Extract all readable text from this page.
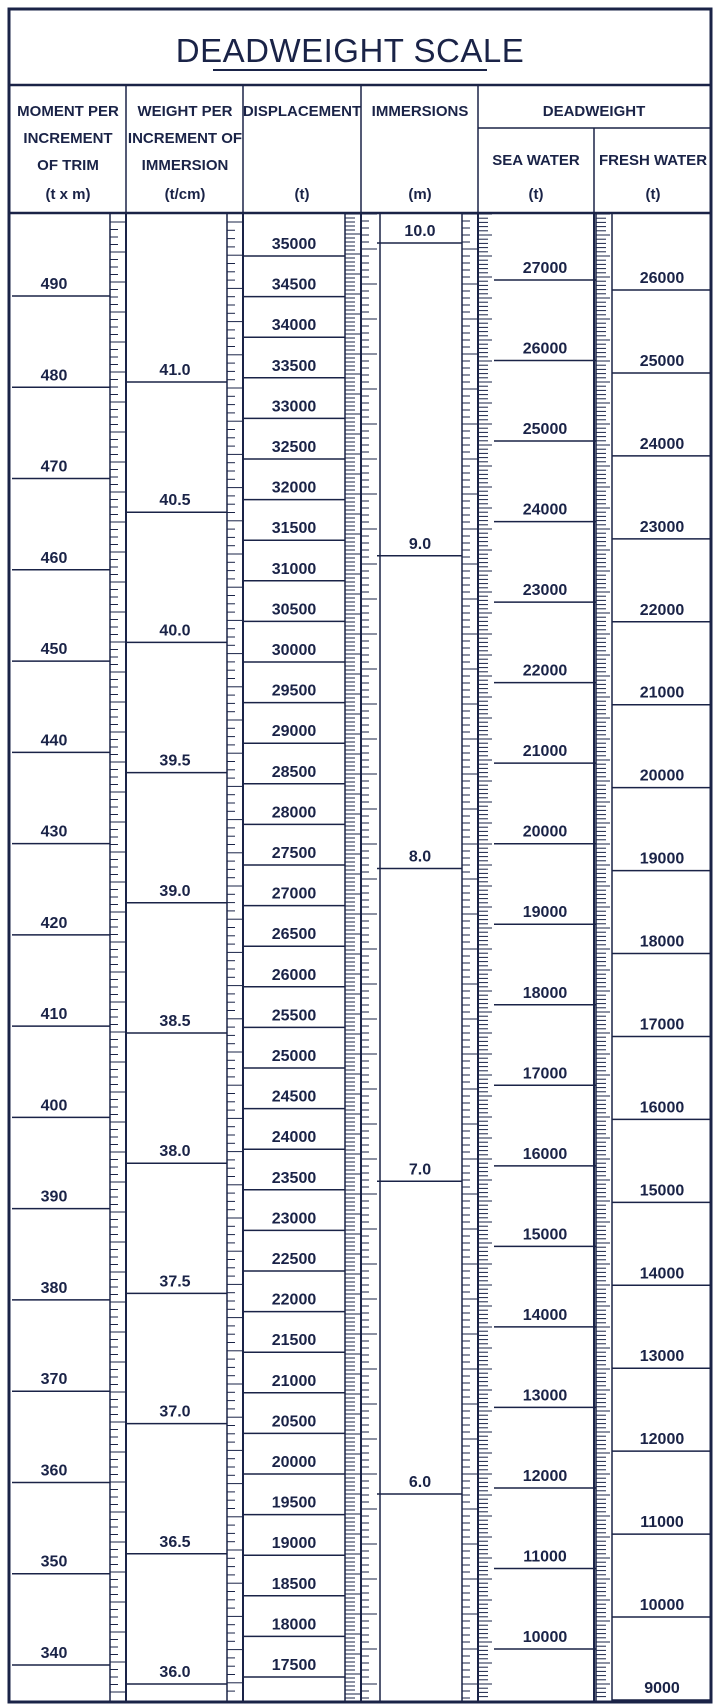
DEADWEIGHT SCALE
MOMENT PER
INCREMENT
OF TRIM
(t x m)
WEIGHT PER
INCREMENT OF
IMMERSION
(t/cm)
DISPLACEMENT
(t)
IMMERSIONS
(m)
DEADWEIGHT
SEA WATER
(t)
FRESH WATER
(t)
490
480
470
460
450
440
430
420
410
400
390
380
370
360
350
340
41.0
40.5
40.0
39.5
39.0
38.5
38.0
37.5
37.0
36.5
36.0
35000
34500
34000
33500
33000
32500
32000
31500
31000
30500
30000
29500
29000
28500
28000
27500
27000
26500
26000
25500
25000
24500
24000
23500
23000
22500
22000
21500
21000
20500
20000
19500
19000
18500
18000
17500
10.0
9.0
8.0
7.0
6.0
27000
26000
25000
24000
23000
22000
21000
20000
19000
18000
17000
16000
15000
14000
13000
12000
11000
10000
26000
25000
24000
23000
22000
21000
20000
19000
18000
17000
16000
15000
14000
13000
12000
11000
10000
9000
